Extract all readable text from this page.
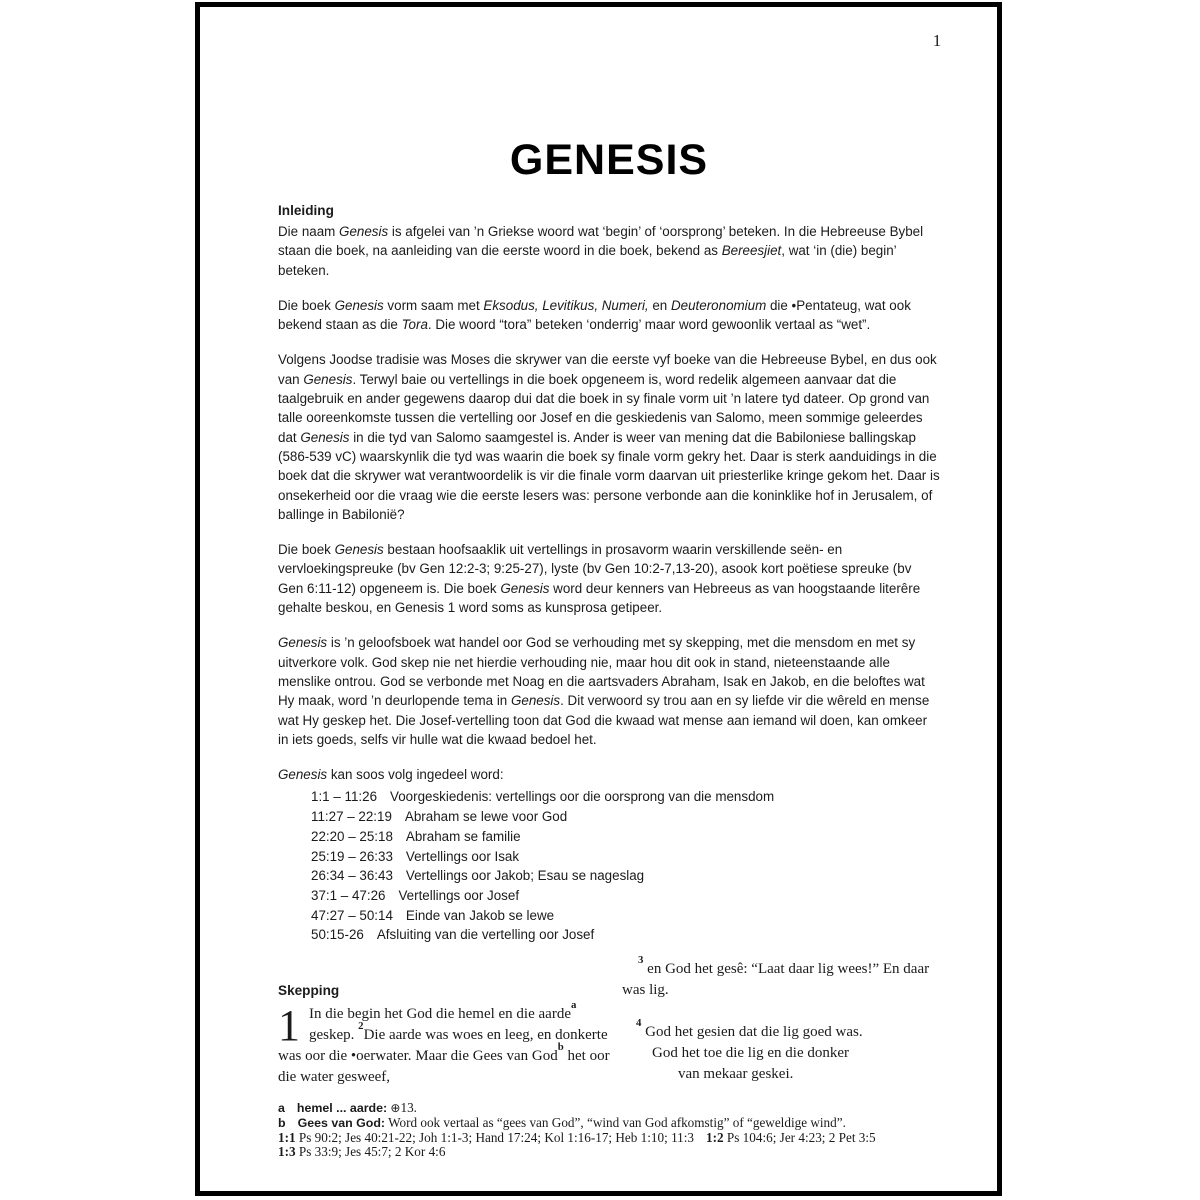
1
GENESIS
Inleiding

Die naam Genesis is afgelei van ’n Griekse woord wat ‘begin’ of ‘oorsprong’ beteken. In die Hebreeuse Bybel staan die boek, na aanleiding van die eerste woord in die boek, bekend as Bereesjiet, wat ‘in (die) begin’ beteken.

Die boek Genesis vorm saam met Eksodus, Levitikus, Numeri, en Deuteronomium die •Pentateug, wat ook bekend staan as die Tora. Die woord “tora” beteken ‘onderrig’ maar word gewoonlik vertaal as “wet”.

Volgens Joodse tradisie was Moses die skrywer van die eerste vyf boeke van die Hebreeuse Bybel, en dus ook van Genesis. Terwyl baie ou vertellings in die boek opgeneem is, word redelik algemeen aanvaar dat die taalgebruik en ander gegewens daarop dui dat die boek in sy finale vorm uit ’n latere tyd dateer. Op grond van talle ooreenkomste tussen die vertelling oor Josef en die geskiedenis van Salomo, meen sommige geleerdes dat Genesis in die tyd van Salomo saamgestel is. Ander is weer van mening dat die Babiloniese ballingskap (586-539 vC) waarskynlik die tyd was waarin die boek sy finale vorm gekry het. Daar is sterk aanduidings in die boek dat die skrywer wat verantwoordelik is vir die finale vorm daarvan uit priesterlike kringe gekom het. Daar is onsekerheid oor die vraag wie die eerste lesers was: persone verbonde aan die koninklike hof in Jerusalem, of ballinge in Babilonië?

Die boek Genesis bestaan hoofsaaklik uit vertellings in prosavorm waarin verskillende seën- en vervloekingspreuke (bv Gen 12:2-3; 9:25-27), lyste (bv Gen 10:2-7,13-20), asook kort poëtiese spreuke (bv Gen 6:11-12) opgeneem is. Die boek Genesis word deur kenners van Hebreeus as van hoogstaande literêre gehalte beskou, en Genesis 1 word soms as kunsprosa getipeer.

Genesis is ’n geloofsboek wat handel oor God se verhouding met sy skepping, met die mensdom en met sy uitverkore volk. God skep nie net hierdie verhouding nie, maar hou dit ook in stand, nieteenstaande alle menslike ontrou. God se verbonde met Noag en die aartsvaders Abraham, Isak en Jakob, en die beloftes wat Hy maak, word ’n deurlopende tema in Genesis. Dit verwoord sy trou aan en sy liefde vir die wêreld en mense wat Hy geskep het. Die Josef-vertelling toon dat God die kwaad wat mense aan iemand wil doen, kan omkeer in iets goeds, selfs vir hulle wat die kwaad bedoel het.

Genesis kan soos volg ingedeel word:

1:1 – 11:26 Voorgeskiedenis: vertellings oor die oorsprong van die mensdom
11:27 – 22:19 Abraham se lewe voor God
22:20 – 25:18 Abraham se familie
25:19 – 26:33 Vertellings oor Isak
26:34 – 36:43 Vertellings oor Jakob; Esau se nageslag
37:1 – 47:26 Vertellings oor Josef
47:27 – 50:14 Einde van Jakob se lewe
50:15-26 Afsluiting van die vertelling oor Josef
Skepping

1 In die begin het God die hemel en die aarde$^a$ geskep. $^2$Die aarde was woes en leeg, en donkerte was oor die •oerwater. Maar die Gees van God$^b$ het oor die water gesweef,

$^3$ en God het gesê: “Laat daar lig wees!” En daar was lig.

$^4$ God het gesien dat die lig goed was.
God het toe die lig en die donker
van mekaar geskei.
a hemel ... aarde: ⊕13.
b Gees van God: Word ook vertaal as “gees van God”, “wind van God afkomstig” of “geweldige wind”.
1:1 Ps 90:2; Jes 40:21-22; Joh 1:1-3; Hand 17:24; Kol 1:16-17; Heb 1:10; 11:3 1:2 Ps 104:6; Jer 4:23; 2 Pet 3:5
1:3 Ps 33:9; Jes 45:7; 2 Kor 4:6
